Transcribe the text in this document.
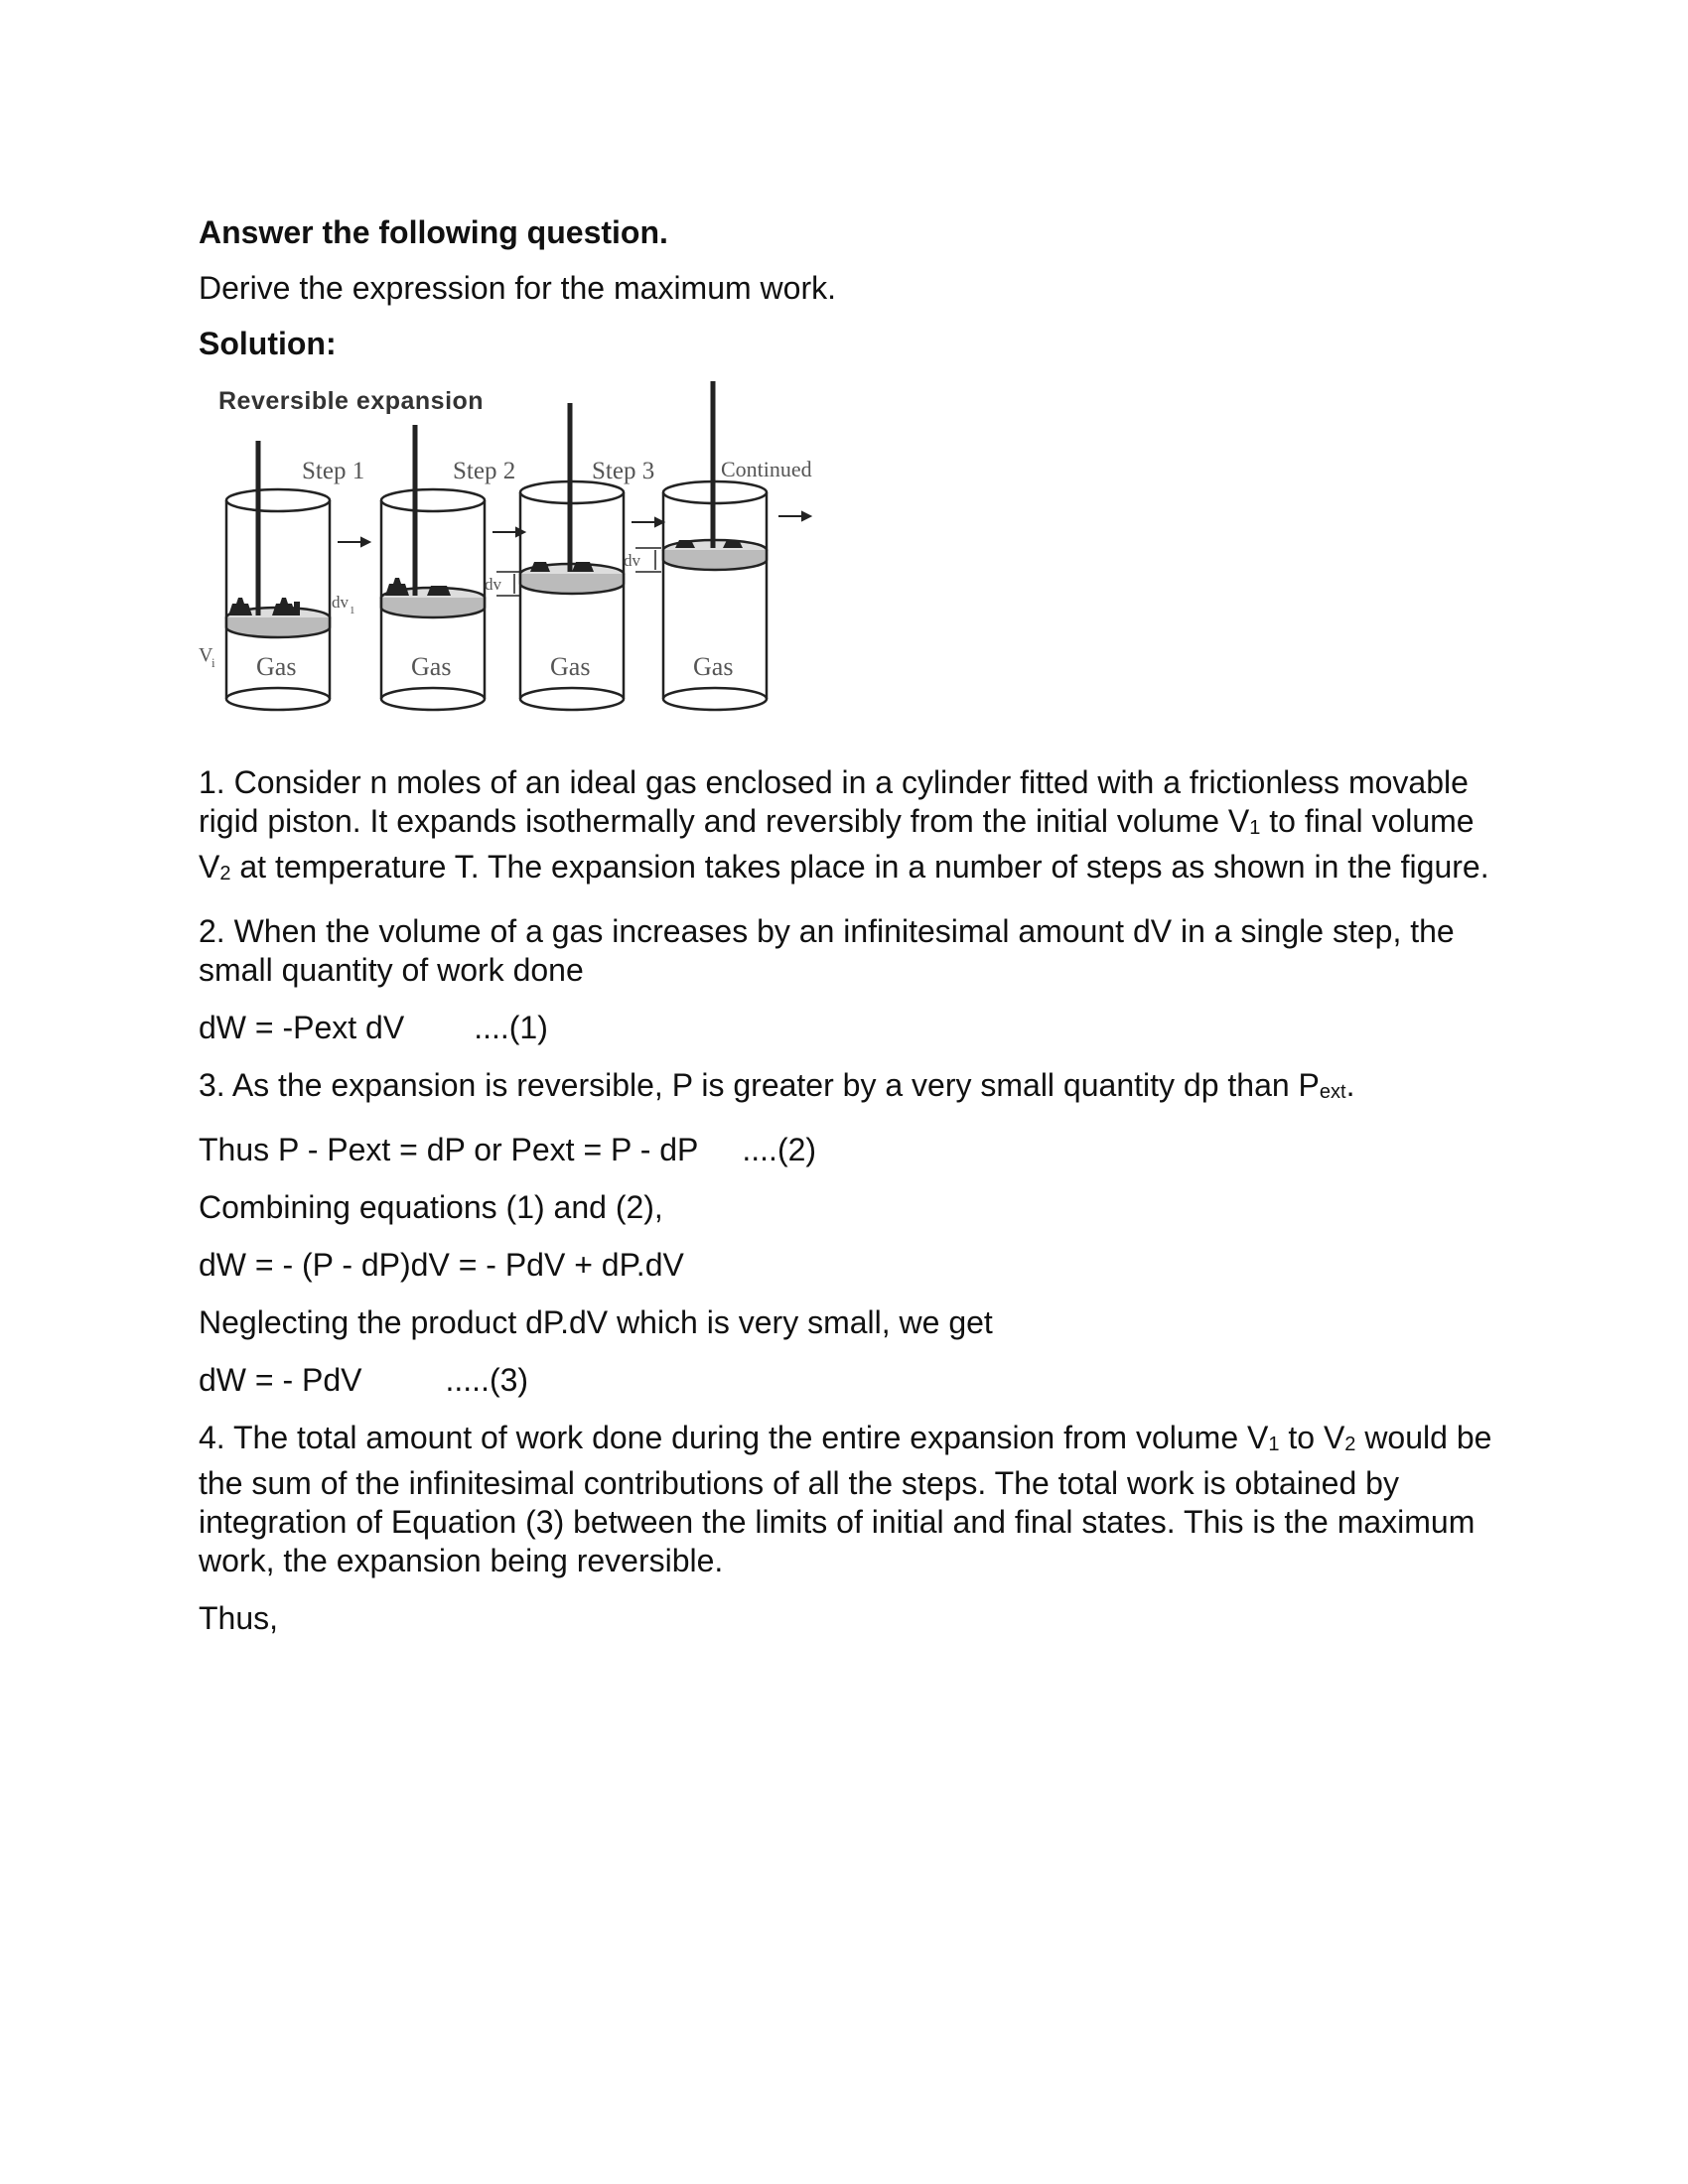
Answer the following question.

Derive the expression for the maximum work.

Solution:

Reversible expansion
Step 1	Step 2	Step 3	Continued
Gas	Gas	Gas	Gas
V
i
dv 1
dv
dv

1. Consider n moles of an ideal gas enclosed in a cylinder fitted with a frictionless movable rigid piston. It expands isothermally and reversibly from the initial volume V1 to final volume V2 at temperature T. The expansion takes place in a number of steps as shown in the figure.

2. When the volume of a gas increases by an infinitesimal amount dV in a single step, the small quantity of work done

dW = -Pext dV ....(1)

3. As the expansion is reversible, P is greater by a very small quantity dp than Pext.

Thus P - Pext = dP or Pext = P - dP ....(2)

Combining equations (1) and (2),

dW = - (P - dP)dV = - PdV + dP.dV

Neglecting the product dP.dV which is very small, we get

dW = - PdV	.....(3)

4. The total amount of work done during the entire expansion from volume V1 to V2 would be the sum of the infinitesimal contributions of all the steps. The total work is obtained by integration of Equation (3) between the limits of initial and final states. This is the maximum work, the expansion being reversible.

Thus,
